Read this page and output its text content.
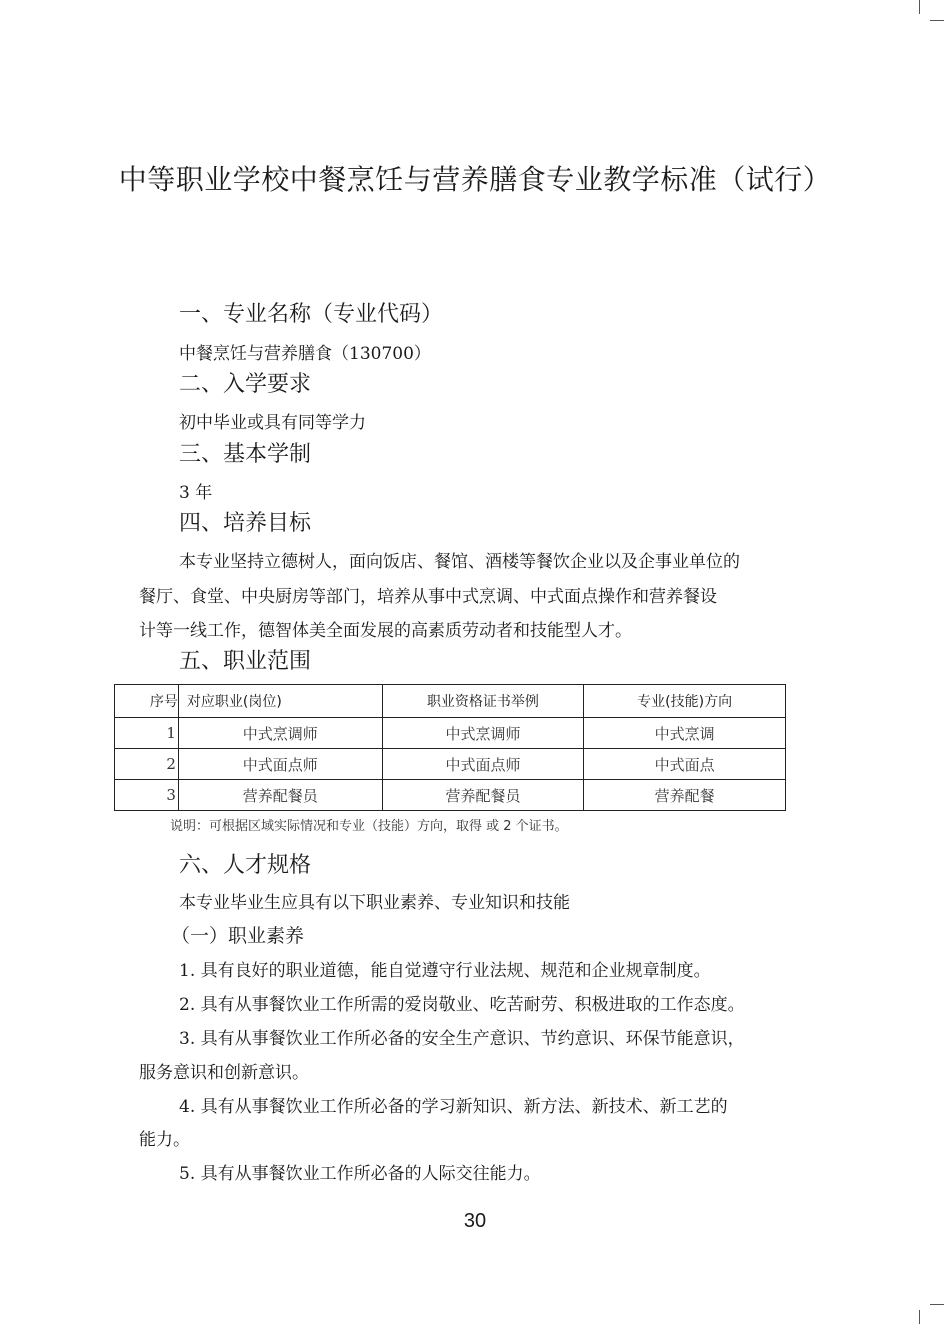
中等职业学校中餐烹饪与营养膳食专业教学标准（试行）
一、专业名称（专业代码）
中餐烹饪与营养膳食（130700）
二、入学要求
初中毕业或具有同等学力
三、基本学制
3 年
四、培养目标
本专业坚持立德树人，面向饭店、餐馆、酒楼等餐饮企业以及企事业单位的
餐厅、食堂、中央厨房等部门，培养从事中式烹调、中式面点操作和营养餐设
计等一线工作，德智体美全面发展的高素质劳动者和技能型人才。
五、职业范围
序号	对应职业(岗位)	职业资格证书举例	专业(技能)方向
1	中式烹调师	中式烹调师	中式烹调
2	中式面点师	中式面点师	中式面点
3	营养配餐员	营养配餐员	营养配餐
说明：可根据区域实际情况和专业（技能）方向，取得 或 2 个证书。
六、人才规格
本专业毕业生应具有以下职业素养、专业知识和技能
（一）职业素养
1. 具有良好的职业道德，能自觉遵守行业法规、规范和企业规章制度。
2. 具有从事餐饮业工作所需的爱岗敬业、吃苦耐劳、积极进取的工作态度。
3. 具有从事餐饮业工作所必备的安全生产意识、节约意识、环保节能意识，
服务意识和创新意识。
4. 具有从事餐饮业工作所必备的学习新知识、新方法、新技术、新工艺的
能力。
5. 具有从事餐饮业工作所必备的人际交往能力。
30
